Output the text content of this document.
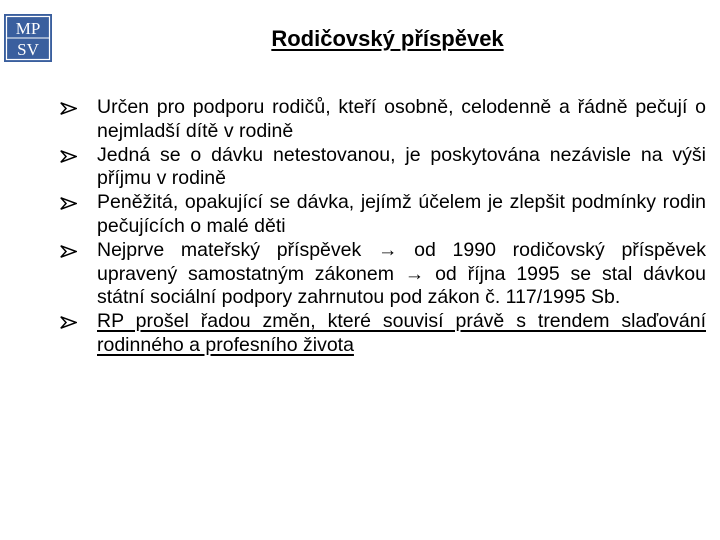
MP
SV	Rodičovský příspěvek
Určen pro podporu rodičů, kteří osobně, celodenně a řádně pečují o nejmladší dítě v rodině
Jedná se o dávku netestovanou, je poskytována nezávisle na výši příjmu v rodině
Peněžitá, opakující se dávka, jejímž účelem je zlepšit podmínky rodin pečujících o malé děti
Nejprve mateřský příspěvek → od 1990 rodičovský příspěvek upravený samostatným zákonem → od října 1995 se stal dávkou státní sociální podpory zahrnutou pod zákon č. 117/1995 Sb.
RP prošel řadou změn, které souvisí právě s trendem slaďování rodinného a profesního života
